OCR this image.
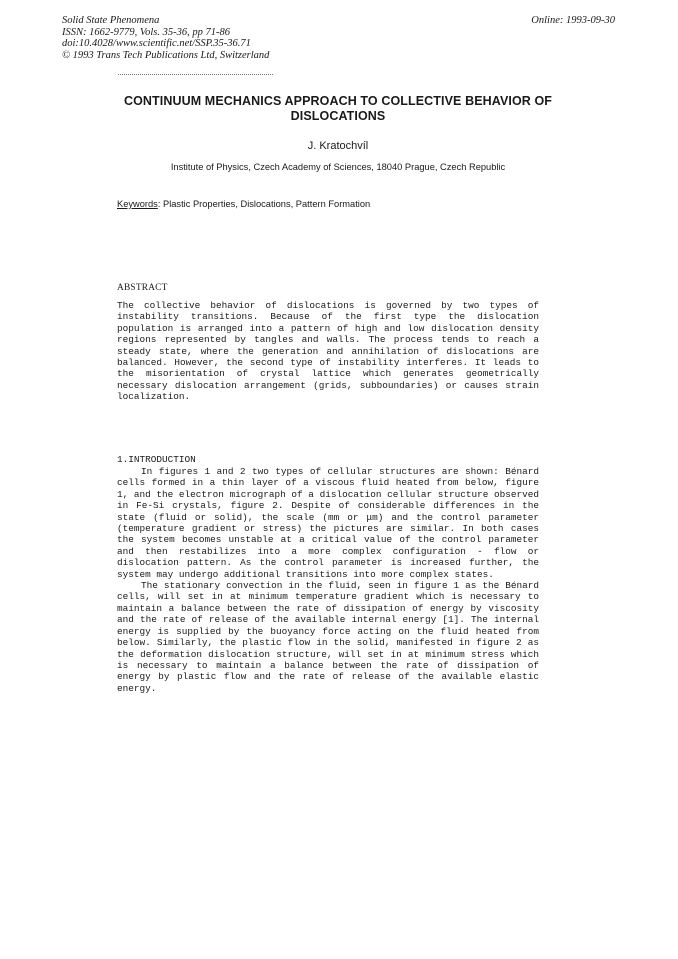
Solid State Phenomena
ISSN: 1662-9779, Vols. 35-36, pp 71-86
doi:10.4028/www.scientific.net/SSP.35-36.71
© 1993 Trans Tech Publications Ltd, Switzerland
Online: 1993-09-30
CONTINUUM MECHANICS APPROACH TO COLLECTIVE BEHAVIOR OF DISLOCATIONS
J. Kratochvíl
Institute of Physics, Czech Academy of Sciences, 18040 Prague, Czech Republic
Keywords: Plastic Properties, Dislocations, Pattern Formation
ABSTRACT
The collective behavior of dislocations is governed by two types of instability transitions. Because of the first type the dislocation population is arranged into a pattern of high and low dislocation density regions represented by tangles and walls. The process tends to reach a steady state, where the generation and annihilation of dislocations are balanced. However, the second type of instability interferes. It leads to the misorientation of crystal lattice which generates geometrically necessary dislocation arrangement (grids, subboundaries) or causes strain localization.
1.INTRODUCTION

In figures 1 and 2 two types of cellular structures are shown: Bénard cells formed in a thin layer of a viscous fluid heated from below, figure 1, and the electron micrograph of a dislocation cellular structure observed in Fe-Si crystals, figure 2. Despite of considerable differences in the state (fluid or solid), the scale (mm or μm) and the control parameter (temperature gradient or stress) the pictures are similar. In both cases the system becomes unstable at a critical value of the control parameter and then restabilizes into a more complex configuration - flow or dislocation pattern. As the control parameter is increased further, the system may undergo additional transitions into more complex states.

The stationary convection in the fluid, seen in figure 1 as the Bénard cells, will set in at minimum temperature gradient which is necessary to maintain a balance between the rate of dissipation of energy by viscosity and the rate of release of the available internal energy [1]. The internal energy is supplied by the buoyancy force acting on the fluid heated from below. Similarly, the plastic flow in the solid, manifested in figure 2 as the deformation dislocation structure, will set in at minimum stress which is necessary to maintain a balance between the rate of dissipation of energy by plastic flow and the rate of release of the available elastic energy.
